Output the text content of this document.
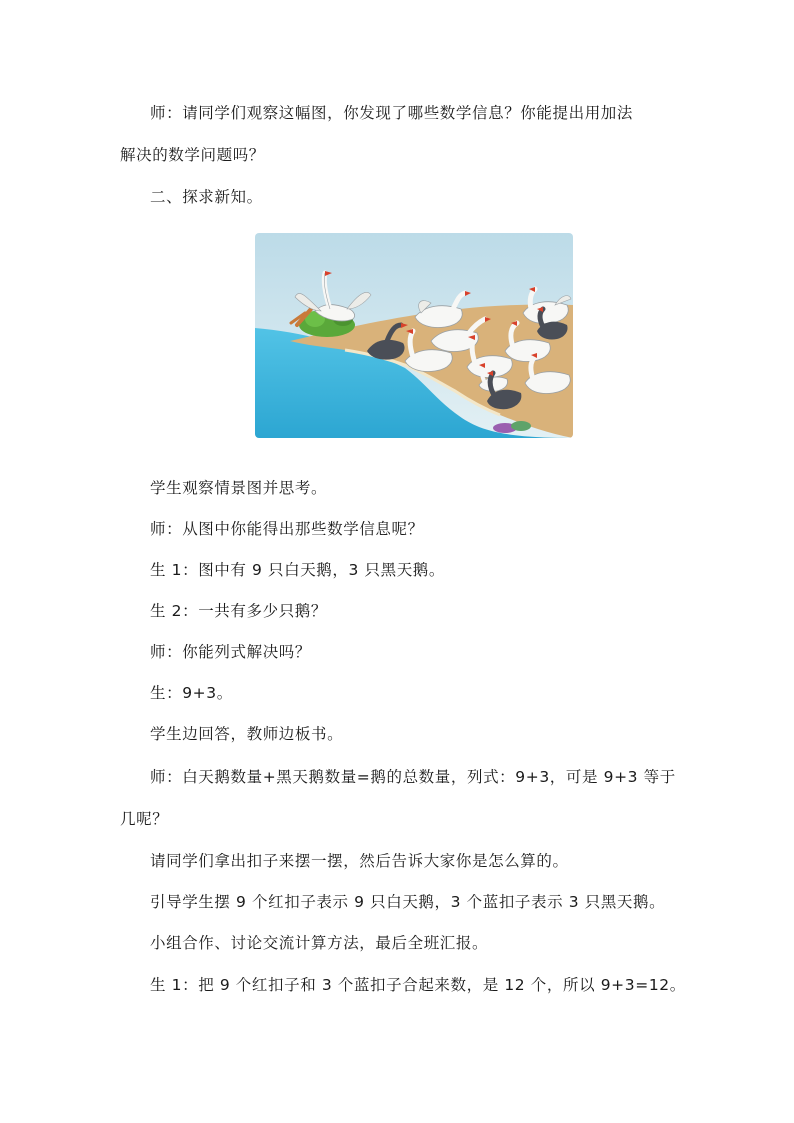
师：请同学们观察这幅图，你发现了哪些数学信息？你能提出用加法

解决的数学问题吗？

二、探求新知。

学生观察情景图并思考。

师：从图中你能得出那些数学信息呢？

生 1：图中有 9 只白天鹅，3 只黑天鹅。

生 2：一共有多少只鹅？

师：你能列式解决吗？

生：9+3。

学生边回答，教师边板书。

师：白天鹅数量+黑天鹅数量=鹅的总数量，列式：9+3，可是 9+3 等于

几呢？

请同学们拿出扣子来摆一摆，然后告诉大家你是怎么算的。

引导学生摆 9 个红扣子表示 9 只白天鹅，3 个蓝扣子表示 3 只黑天鹅。

小组合作、讨论交流计算方法，最后全班汇报。

生 1：把 9 个红扣子和 3 个蓝扣子合起来数，是 12 个，所以 9+3=12。
